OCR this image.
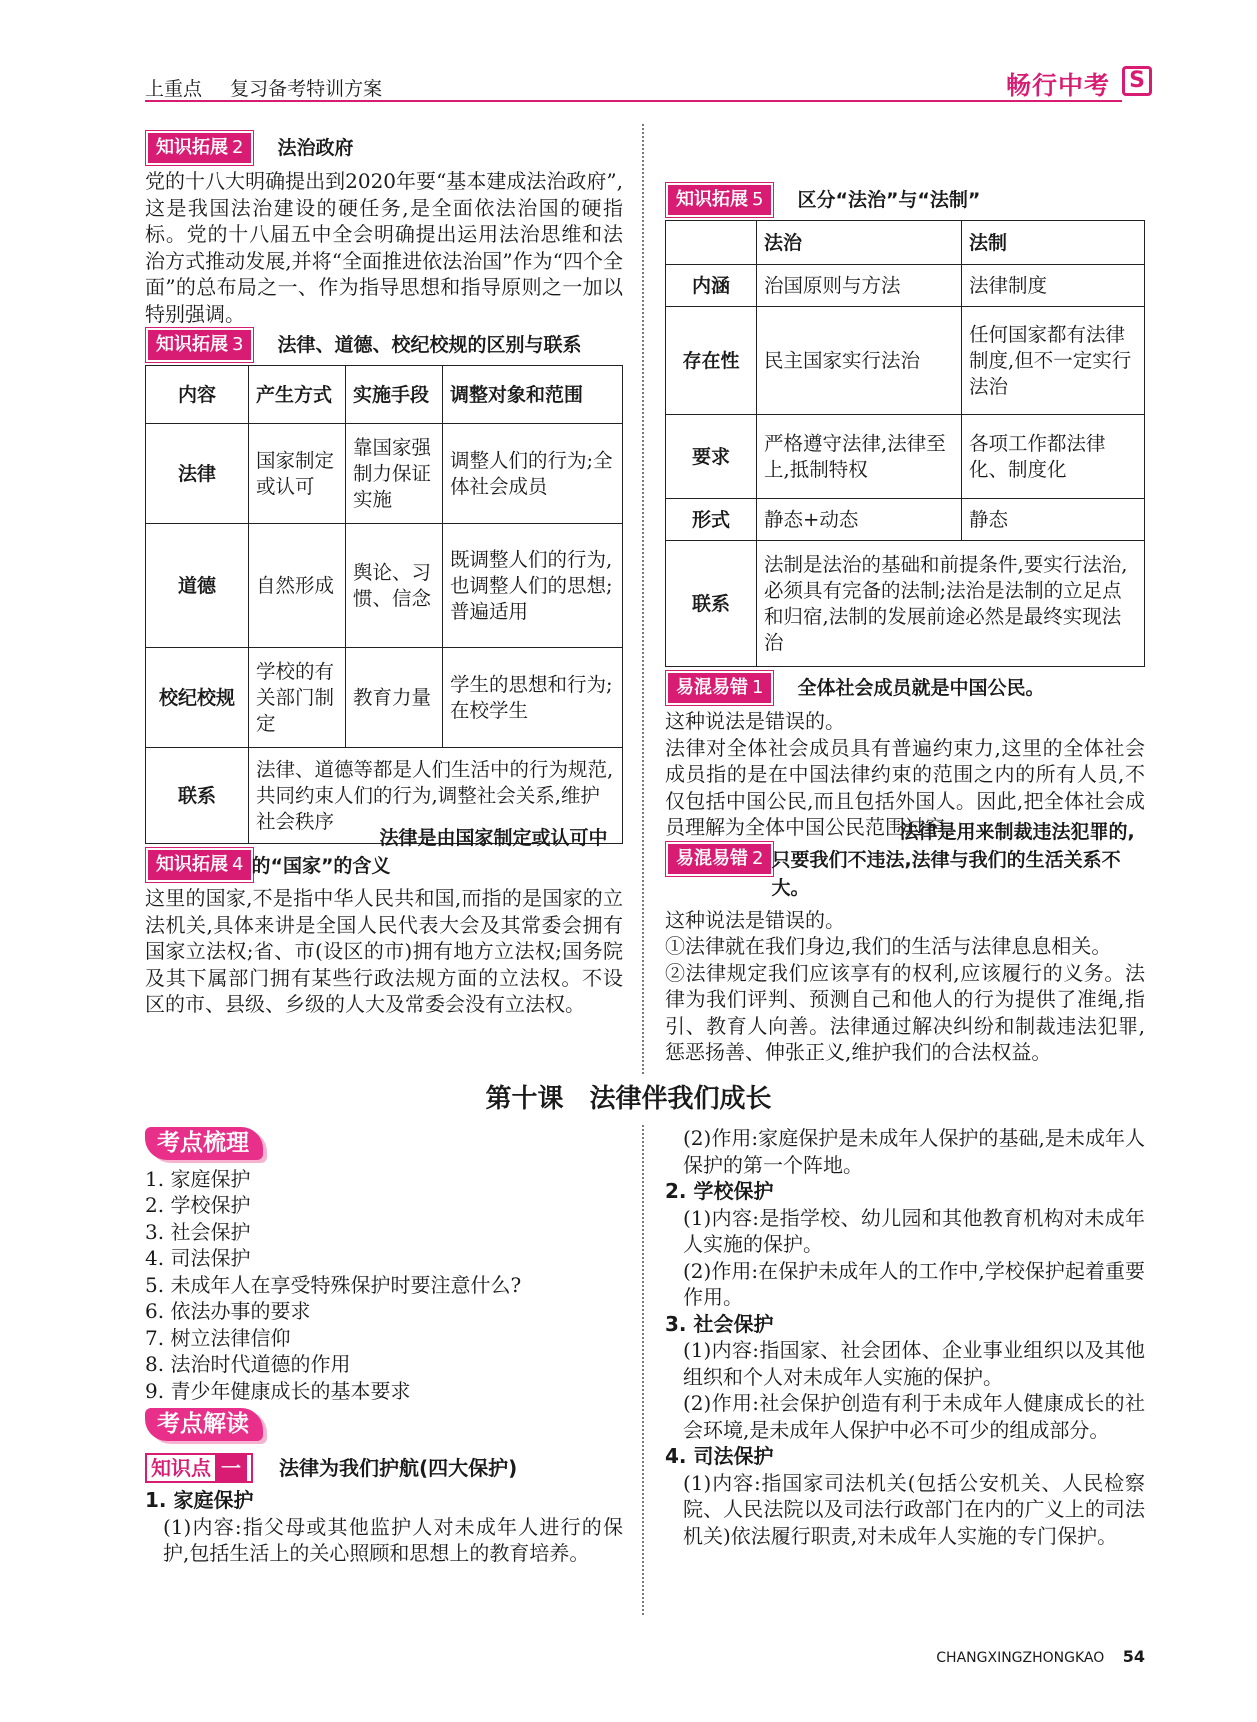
上重点 复习备考特训方案	畅行中考 S
知识拓展 2	法治政府

党的十八大明确提出到2020年要“基本建成法治政府”,这是我国法治建设的硬任务,是全面依法治国的硬指标。党的十八届五中全会明确提出运用法治思维和法治方式推动发展,并将“全面推进依法治国”作为“四个全面”的总布局之一、作为指导思想和指导原则之一加以特别强调。

知识拓展 3	法律、道德、校纪校规的区别与联系
内容	产生方式	实施手段	调整对象和范围
法律	国家制定或认可	靠国家强制力保证实施	调整人们的行为;全体社会成员
道德	自然形成	舆论、习惯、信念	既调整人们的行为,也调整人们的思想;普遍适用
校纪校规	学校的有关部门制定	教育力量	学生的思想和行为;在校学生
联系	法律、道德等都是人们生活中的行为规范,共同约束人们的行为,调整社会关系,维护社会秩序		
知识拓展 4
法律是由国家制定或认可中的“国家”的含义

这里的国家,不是指中华人民共和国,而指的是国家的立法机关,具体来讲是全国人民代表大会及其常委会拥有国家立法权;省、市(设区的市)拥有地方立法权;国务院及其下属部门拥有某些行政法规方面的立法权。不设区的市、县级、乡级的人大及常委会没有立法权。

知识拓展 5	区分“法治”与“法制”
	法治	法制
内涵	治国原则与方法	法律制度
存在性	民主国家实行法治	任何国家都有法律制度,但不一定实行法治
要求	严格遵守法律,法律至上,抵制特权	各项工作都法律化、制度化
形式	静态+动态	静态
联系	法制是法治的基础和前提条件,要实行法治,必须具有完备的法制;法治是法制的立足点和归宿,法制的发展前途必然是最终实现法治	
易混易错 1	全体社会成员就是中国公民。

这种说法是错误的。

法律对全体社会成员具有普遍约束力,这里的全体社会成员指的是在中国法律约束的范围之内的所有人员,不仅包括中国公民,而且包括外国人。因此,把全体社会成员理解为全体中国公民范围过窄。

易混易错 2
法律是用来制裁违法犯罪的,只要我们不违法,法律与我们的生活关系不大。

这种说法是错误的。

①法律就在我们身边,我们的生活与法律息息相关。

②法律规定我们应该享有的权利,应该履行的义务。法律为我们评判、预测自己和他人的行为提供了准绳,指引、教育人向善。法律通过解决纠纷和制裁违法犯罪,惩恶扬善、伸张正义,维护我们的合法权益。

第十课　法律伴我们成长
考点梳理
1. 家庭保护
2. 学校保护
3. 社会保护
4. 司法保护
5. 未成年人在享受特殊保护时要注意什么?
6. 依法办事的要求
7. 树立法律信仰
8. 法治时代道德的作用
9. 青少年健康成长的基本要求
考点解读
知识点 一	法律为我们护航(四大保护)
1. 家庭保护

(1)内容:指父母或其他监护人对未成年人进行的保护,包括生活上的关心照顾和思想上的教育培养。

(2)作用:家庭保护是未成年人保护的基础,是未成年人保护的第一个阵地。

2. 学校保护

(1)内容:是指学校、幼儿园和其他教育机构对未成年人实施的保护。

(2)作用:在保护未成年人的工作中,学校保护起着重要作用。

3. 社会保护

(1)内容:指国家、社会团体、企业事业组织以及其他组织和个人对未成年人实施的保护。

(2)作用:社会保护创造有利于未成年人健康成长的社会环境,是未成年人保护中必不可少的组成部分。

4. 司法保护

(1)内容:指国家司法机关(包括公安机关、人民检察院、人民法院以及司法行政部门在内的广义上的司法机关)依法履行职责,对未成年人实施的专门保护。

CHANGXINGZHONGKAO 54
